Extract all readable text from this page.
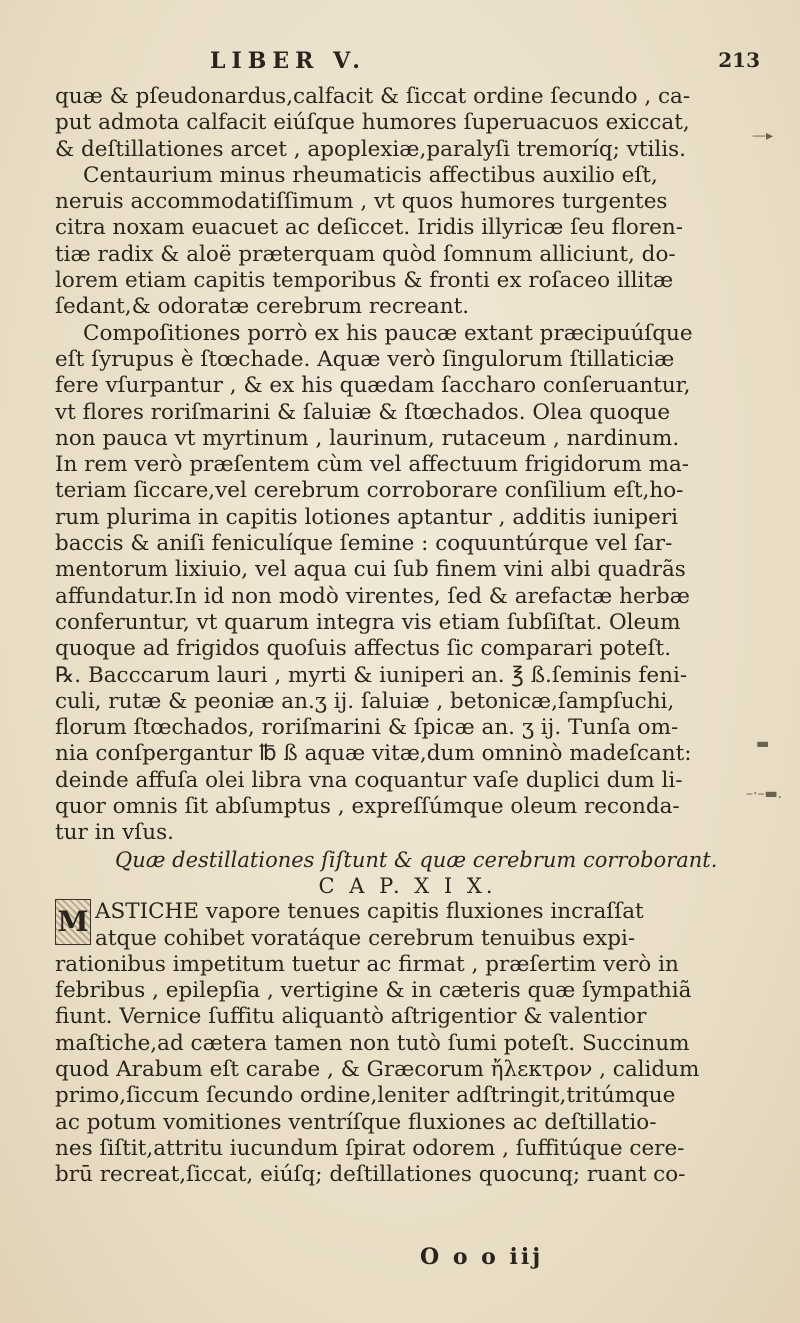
LIBER V.	213
quæ & pſeudonardus,calfacit & ſiccat ordine ſecundo , ca-
put admota calfacit eiúſque humores ſuperuacuos exiccat,
& deſtillationes arcet , apoplexiæ,paralyſi tremoríq; vtilis.
Centaurium minus rheumaticis affectibus auxilio eſt,
neruis accommodatiſſimum , vt quos humores turgentes
citra noxam euacuet ac deſiccet. Iridis illyricæ ſeu floren-
tiæ radix & aloë præterquam quòd ſomnum alliciunt, do-
lorem etiam capitis temporibus & fronti ex roſaceo illitæ
ſedant,& odoratæ cerebrum recreant.
Compoſitiones porrò ex his paucæ extant præcipuúſque
eſt ſyrupus è ſtœchade. Aquæ verò ſingulorum ſtillaticiæ
fere vſurpantur , & ex his quædam ſaccharo conſeruantur,
vt flores roriſmarini & ſaluiæ & ſtœchados. Olea quoque
non pauca vt myrtinum , laurinum, rutaceum , nardinum.
In rem verò præſentem cùm vel affectuum frigidorum ma-
teriam ſiccare,vel cerebrum corroborare conſilium eſt,ho-
rum plurima in capitis lotiones aptantur , additis iuniperi
baccis & aniſi feniculíque ſemine : coquuntúrque vel ſar-
mentorum lixiuio, vel aqua cui ſub finem vini albi quadrãs
affundatur.In id non modò virentes, ſed & arefactæ herbæ
conferuntur, vt quarum integra vis etiam ſubſiſtat. Oleum
quoque ad frigidos quoſuis affectus ſic comparari poteſt.
℞. Bacccarum lauri , myrti & iuniperi an. ℥ ß.ſeminis feni-
culi, rutæ & peoniæ an.ʒ ij. ſaluiæ , betonicæ,ſampſuchi,
florum ſtœchados, roriſmarini & ſpicæ an. ʒ ij. Tunſa om-
nia conſpergantur ℔ ß aquæ vitæ,dum omninò madeſcant:
deinde affuſa olei libra vna coquantur vaſe duplici dum li-
quor omnis ſit abſumptus , expreſſúmque oleum reconda-
tur in vſus.
Quæ destillationes ſiſtunt & quæ cerebrum corroborant.
C A P. X I X.
M ASTICHE vapore tenues capitis fluxiones incraſſat
atque cohibet voratáque cerebrum tenuibus expi-
rationibus impetitum tuetur ac firmat , præſertim verò in
febribus , epilepſia , vertigine & in cæteris quæ ſympathiã
fiunt. Vernice ſuffitu aliquantò aſtrigentior & valentior
maſtiche,ad cætera tamen non tutò ſumi poteſt. Succinum
quod Arabum eſt carabe , & Græcorum ἤλεκτρον , calidum
primo,ſiccum ſecundo ordine,leniter adſtringit,tritúmque
ac potum vomitiones ventríſque fluxiones ac deſtillatio-
nes ſiſtit,attritu iucundum ſpirat odorem , ſuffitúque cere-
brū recreat,ſiccat, eiúſq; deſtillationes quocunq; ruant co-
O o o iij
—▸
▬
–·–▬.
